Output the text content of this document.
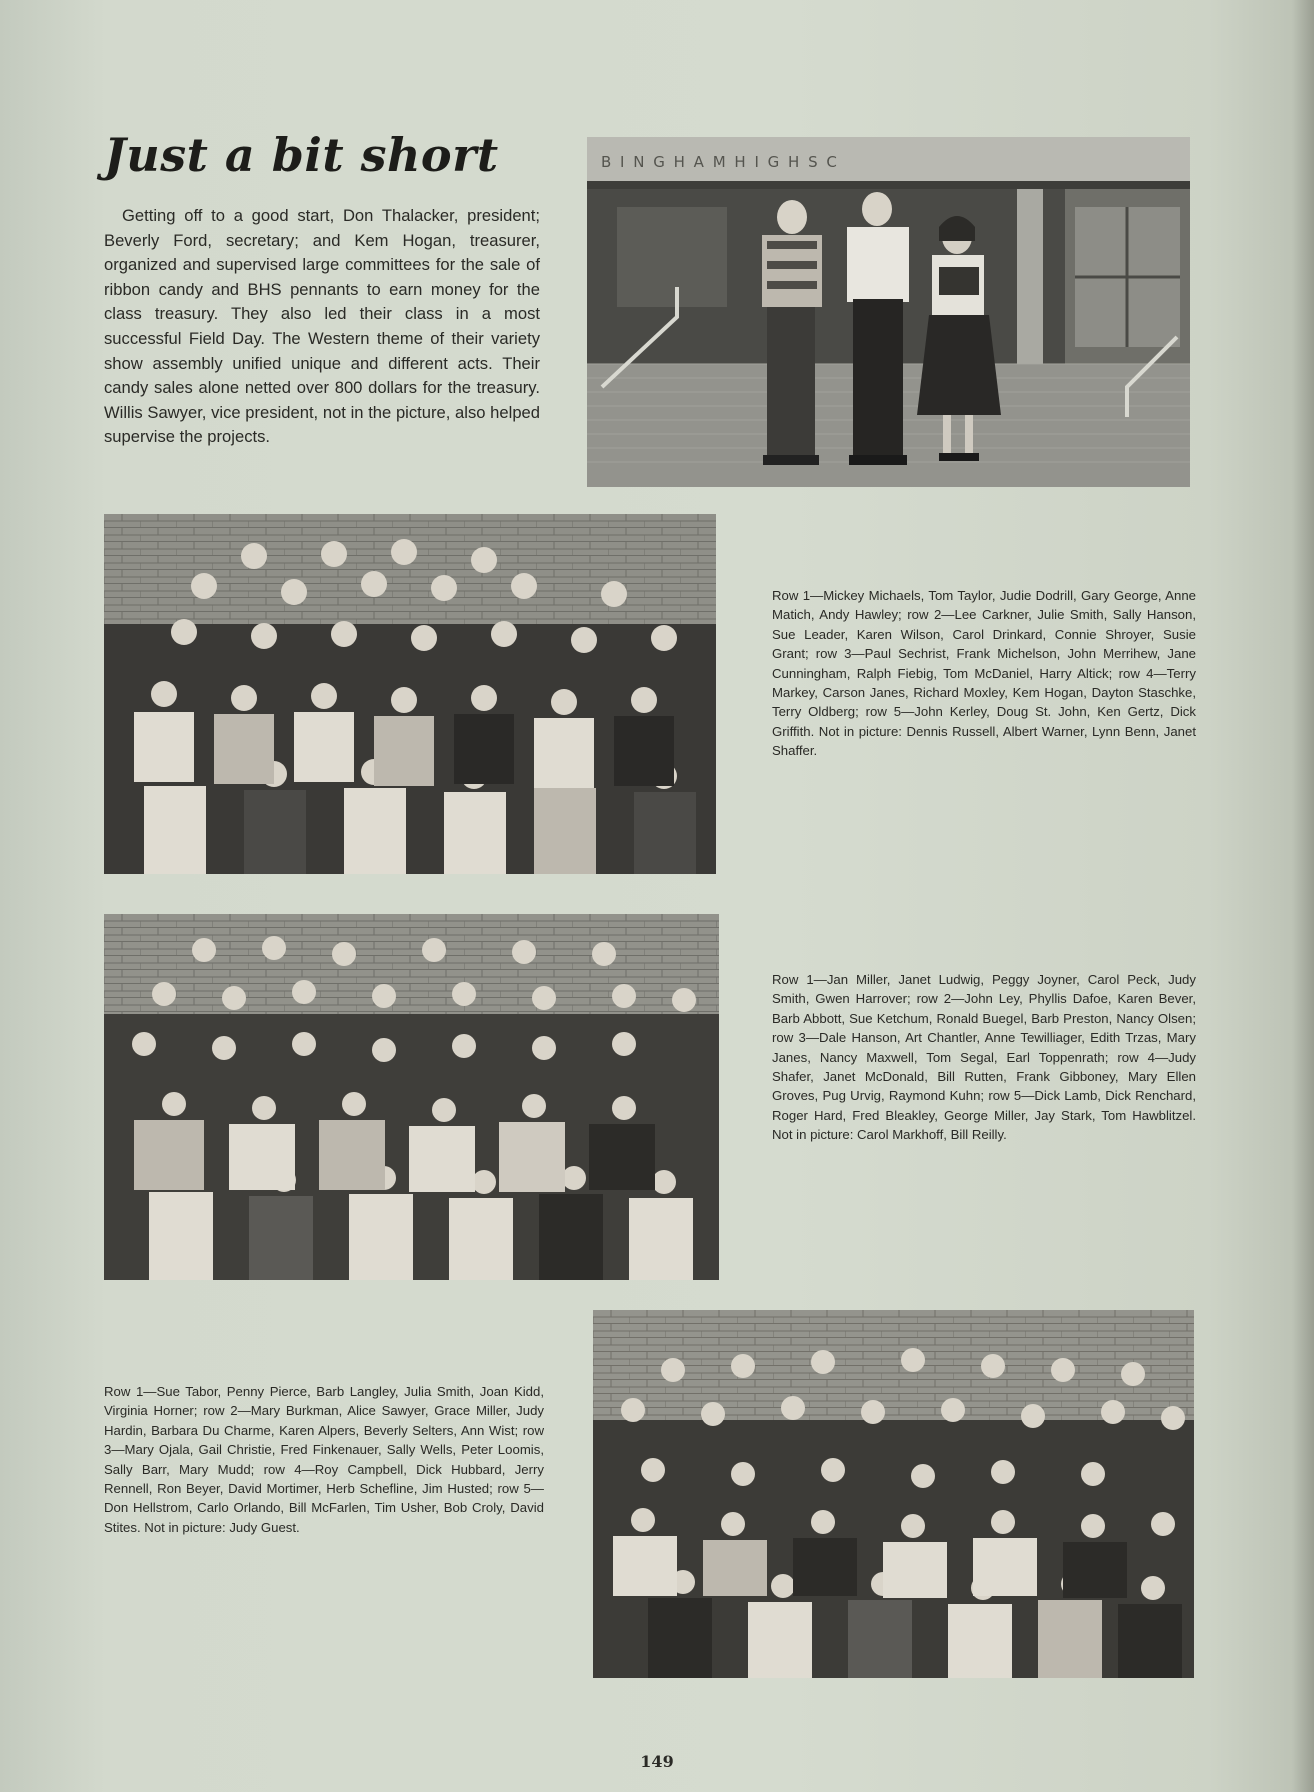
Just a bit short

Getting off to a good start, Don Thalacker, president; Beverly Ford, secretary; and Kem Hogan, treasurer, organized and supervised large committees for the sale of ribbon candy and BHS pennants to earn money for the class treasury. They also led their class in a most successful Field Day. The Western theme of their variety show assembly unified unique and different acts. Their candy sales alone netted over 800 dollars for the treasury. Willis Sawyer, vice president, not in the picture, also helped supervise the projects.

B I N G H A M H I G H S C

Row 1—Mickey Michaels, Tom Taylor, Judie Dodrill, Gary George, Anne Matich, Andy Hawley; row 2—Lee Carkner, Julie Smith, Sally Hanson, Sue Leader, Karen Wilson, Carol Drinkard, Connie Shroyer, Susie Grant; row 3—Paul Sechrist, Frank Michelson, John Merrihew, Jane Cunningham, Ralph Fiebig, Tom McDaniel, Harry Altick; row 4—Terry Markey, Carson Janes, Richard Moxley, Kem Hogan, Dayton Staschke, Terry Oldberg; row 5—John Kerley, Doug St. John, Ken Gertz, Dick Griffith. Not in picture: Dennis Russell, Albert Warner, Lynn Benn, Janet Shaffer.

Row 1—Jan Miller, Janet Ludwig, Peggy Joyner, Carol Peck, Judy Smith, Gwen Harrover; row 2—John Ley, Phyllis Dafoe, Karen Bever, Barb Abbott, Sue Ketchum, Ronald Buegel, Barb Preston, Nancy Olsen; row 3—Dale Hanson, Art Chantler, Anne Tewilliager, Edith Trzas, Mary Janes, Nancy Maxwell, Tom Segal, Earl Toppenrath; row 4—Judy Shafer, Janet McDonald, Bill Rutten, Frank Gibboney, Mary Ellen Groves, Pug Urvig, Raymond Kuhn; row 5—Dick Lamb, Dick Renchard, Roger Hard, Fred Bleakley, George Miller, Jay Stark, Tom Hawblitzel. Not in picture: Carol Markhoff, Bill Reilly.

Row 1—Sue Tabor, Penny Pierce, Barb Langley, Julia Smith, Joan Kidd, Virginia Horner; row 2—Mary Burkman, Alice Sawyer, Grace Miller, Judy Hardin, Barbara Du Charme, Karen Alpers, Beverly Selters, Ann Wist; row 3—Mary Ojala, Gail Christie, Fred Finkenauer, Sally Wells, Peter Loomis, Sally Barr, Mary Mudd; row 4—Roy Campbell, Dick Hubbard, Jerry Rennell, Ron Beyer, David Mortimer, Herb Schefline, Jim Husted; row 5—Don Hellstrom, Carlo Orlando, Bill McFarlen, Tim Usher, Bob Croly, David Stites. Not in picture: Judy Guest.

149
